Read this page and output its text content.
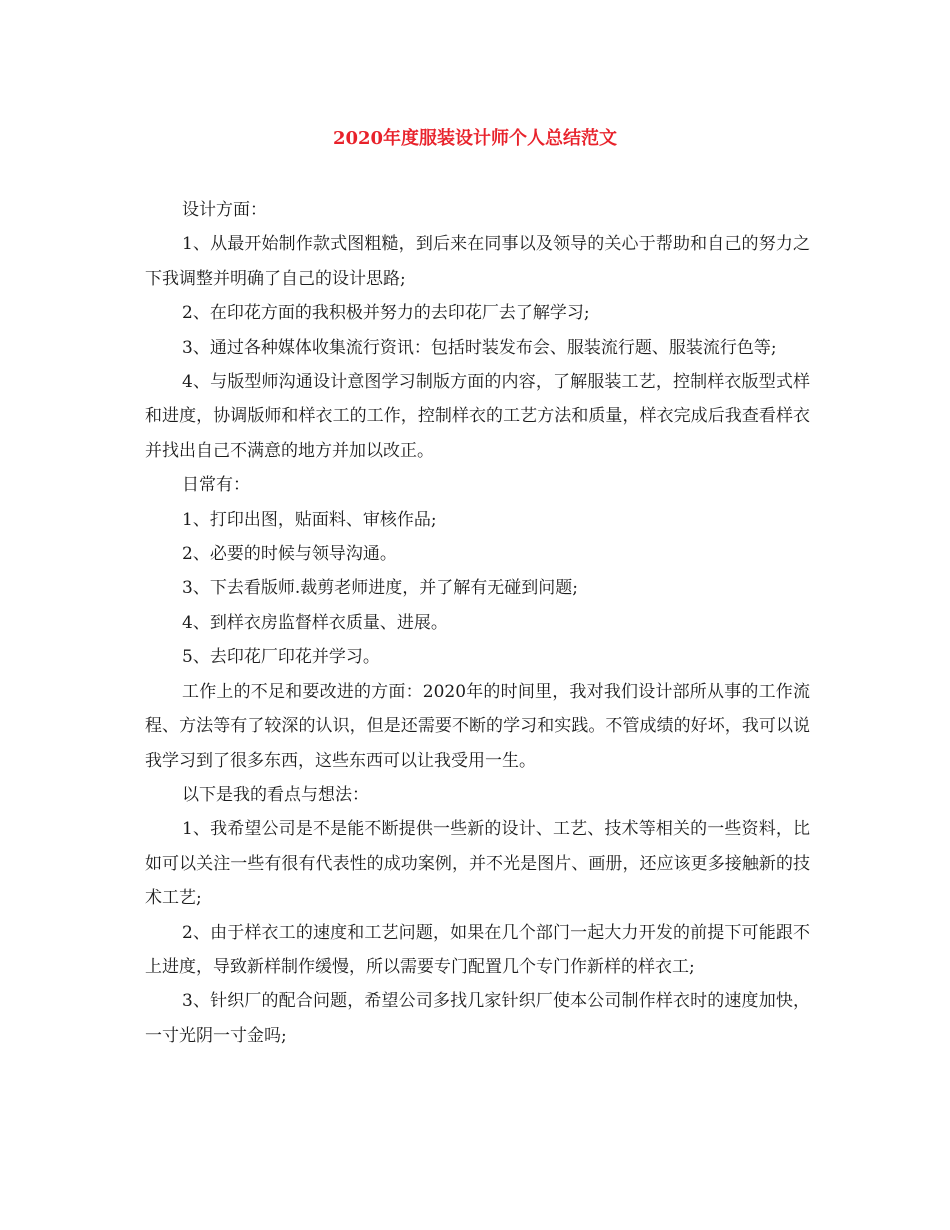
2020年度服装设计师个人总结范文

设计方面：

1、从最开始制作款式图粗糙，到后来在同事以及领导的关心于帮助和自己的努力之下我调整并明确了自己的设计思路;

2、在印花方面的我积极并努力的去印花厂去了解学习;

3、通过各种媒体收集流行资讯：包括时装发布会、服装流行题、服装流行色等;

4、与版型师沟通设计意图学习制版方面的内容，了解服装工艺，控制样衣版型式样和进度，协调版师和样衣工的工作，控制样衣的工艺方法和质量，样衣完成后我查看样衣并找出自己不满意的地方并加以改正。

日常有：

1、打印出图，贴面料、审核作品;

2、必要的时候与领导沟通。

3、下去看版师.裁剪老师进度，并了解有无碰到问题;

4、到样衣房监督样衣质量、进展。

5、去印花厂印花并学习。

工作上的不足和要改进的方面：2020年的时间里，我对我们设计部所从事的工作流程、方法等有了较深的认识，但是还需要不断的学习和实践。不管成绩的好坏，我可以说我学习到了很多东西，这些东西可以让我受用一生。

以下是我的看点与想法：

1、我希望公司是不是能不断提供一些新的设计、工艺、技术等相关的一些资料，比如可以关注一些有很有代表性的成功案例，并不光是图片、画册，还应该更多接触新的技术工艺;

2、由于样衣工的速度和工艺问题，如果在几个部门一起大力开发的前提下可能跟不上进度，导致新样制作缓慢，所以需要专门配置几个专门作新样的样衣工;

3、针织厂的配合问题，希望公司多找几家针织厂使本公司制作样衣时的速度加快，一寸光阴一寸金吗;
